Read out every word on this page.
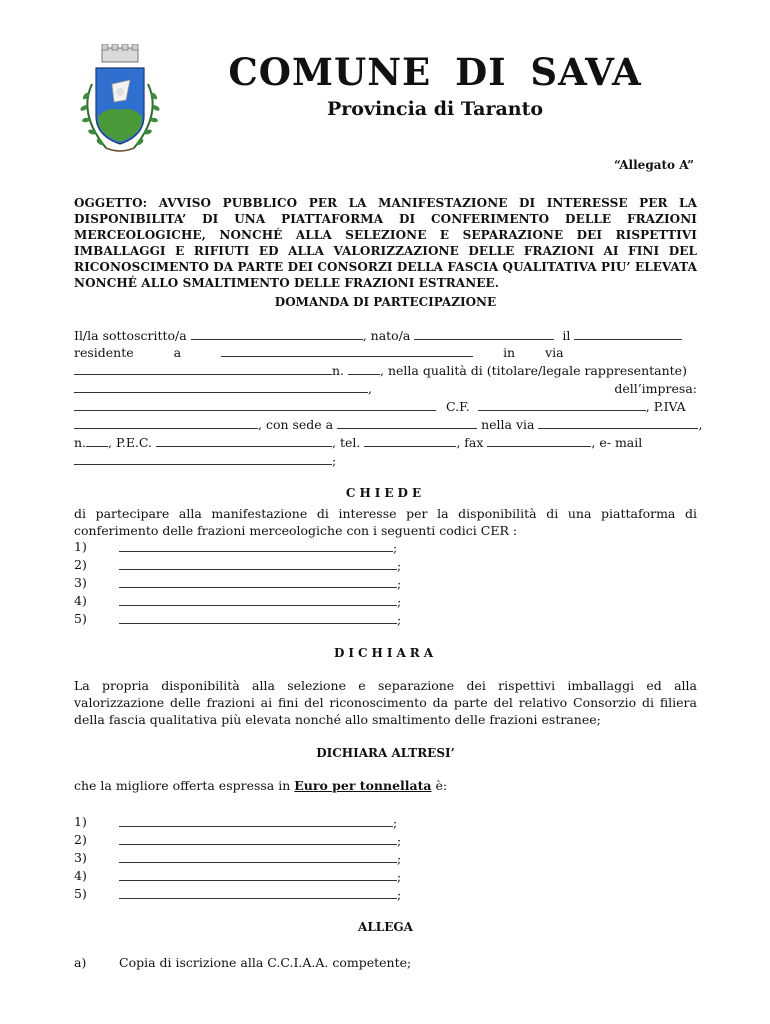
COMUNE DI SAVA
Provincia di Taranto
“Allegato A”
OGGETTO: AVVISO PUBBLICO PER LA MANIFESTAZIONE DI INTERESSE PER LA DISPONIBILITA’ DI UNA PIATTAFORMA DI CONFERIMENTO DELLE FRAZIONI MERCEOLOGICHE, NONCHÉ ALLA SELEZIONE E SEPARAZIONE DEI RISPETTIVI IMBALLAGGI E RIFIUTI ED ALLA VALORIZZAZIONE DELLE FRAZIONI AI FINI DEL RICONOSCIMENTO DA PARTE DEI CONSORZI DELLA FASCIA QUALITATIVA PIU’ ELEVATA NONCHÉ ALLO SMALTIMENTO DELLE FRAZIONI ESTRANEE.
DOMANDA DI PARTECIPAZIONE
Il/la sottoscritto/a	, nato/a	il
residente	a	in via
n.	, nella qualità di (titolare/legale rappresentante)
,	dell’impresa:
C.F.	, P.IVA
, con sede a	nella via	,
n. , P.E.C.	, tel.	, fax	, e- mail
;
CHIEDE
di partecipare alla manifestazione di interesse per la disponibilità di una piattaforma di conferimento delle frazioni merceologiche con i seguenti codici CER :
1)	;
2)	;
3)	;
4)	;
5)	;
DICHIARA
La propria disponibilità alla selezione e separazione dei rispettivi imballaggi ed alla valorizzazione delle frazioni ai fini del riconoscimento da parte del relativo Consorzio di filiera della fascia qualitativa più elevata nonché allo smaltimento delle frazioni estranee;
DICHIARA ALTRESI’
che la migliore offerta espressa in Euro per tonnellata è:
1)	;
2)	;
3)	;
4)	;
5)	;
ALLEGA
a)	Copia di iscrizione alla C.C.I.A.A. competente;
